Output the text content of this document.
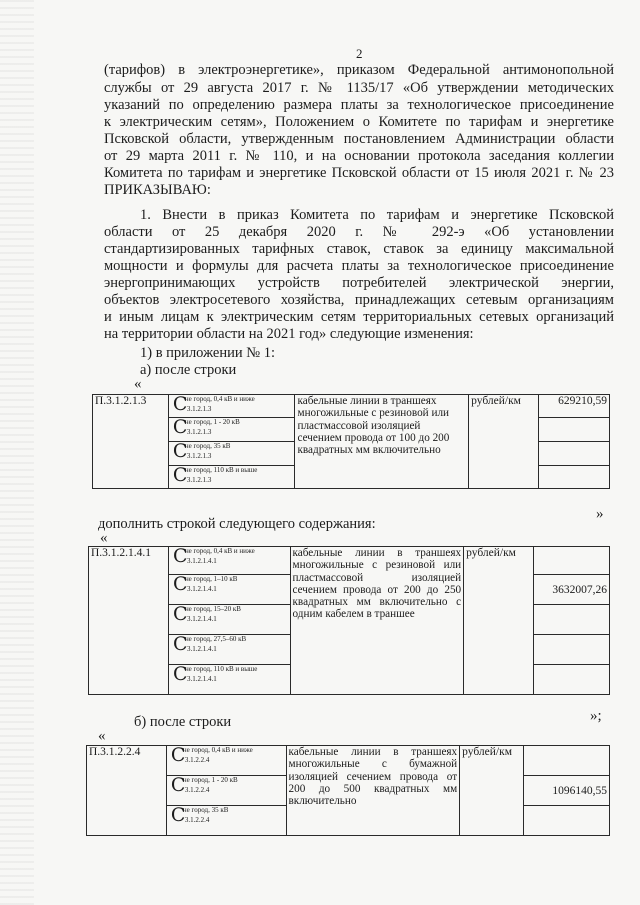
2
(тарифов) в электроэнергетике», приказом Федеральной антимонопольной
службы от 29 августа 2017 г. № 1135/17 «Об утверждении методических
указаний по определению размера платы за технологическое присоединение
к электрическим сетям», Положением о Комитете по тарифам и энергетике
Псковской области, утвержденным постановлением Администрации области
от 29 марта 2011 г. № 110, и на основании протокола заседания коллегии
Комитета по тарифам и энергетике Псковской области от 15 июля 2021 г. № 23
ПРИКАЗЫВАЮ:
1. Внести в приказ Комитета по тарифам и энергетике Псковской
области от 25 декабря 2020 г. № 292-э «Об установлении
стандартизированных тарифных ставок, ставок за единицу максимальной
мощности и формулы для расчета платы за технологическое присоединение
энергопринимающих устройств потребителей электрической энергии,
объектов электросетевого хозяйства, принадлежащих сетевым организациям
и иным лицам к электрическим сетям территориальных сетевых организаций
на территории области на 2021 год» следующие изменения:
1) в приложении № 1:
а) после строки
«
П.3.1.2.1.3	C
не город, 0,4 кВ и ниже
3.1.2.1.3	кабельные линии в траншеях многожильные с резиновой или пластмассовой изоляцией сечением провода от 100 до 200 квадратных мм включительно	рублей/км	629210,59

	C
не город, 1 - 20 кВ
3.1.2.1.3			

	C
не город, 35 кВ
3.1.2.1.3			

	C
не город, 110 кВ и выше
3.1.2.1.3			

»
дополнить строкой следующего содержания:
«
П.3.1.2.1.4.1	C
не город, 0,4 кВ и ниже
3.1.2.1.4.1	кабельные линии в траншеях многожильные с резиновой или пластмассовой изоляцией сечением провода от 200 до 250 квадратных мм включительно с одним кабелем в траншее	рублей/км	

	C
не город, 1–10 кВ
3.1.2.1.4.1			3632007,26

	C
не город, 15–20 кВ
3.1.2.1.4.1			

	C
не город, 27,5–60 кВ
3.1.2.1.4.1			

	C
не город, 110 кВ и выше
3.1.2.1.4.1			

»;
б) после строки
«
П.3.1.2.2.4	C
не город, 0,4 кВ и ниже
3.1.2.2.4	кабельные линии в траншеях многожильные с бумажной изоляцией сечением провода от 200 до 500 квадратных мм включительно	рублей/км	

	C
не город, 1 - 20 кВ
3.1.2.2.4			1096140,55

	C
не город, 35 кВ
3.1.2.2.4			
